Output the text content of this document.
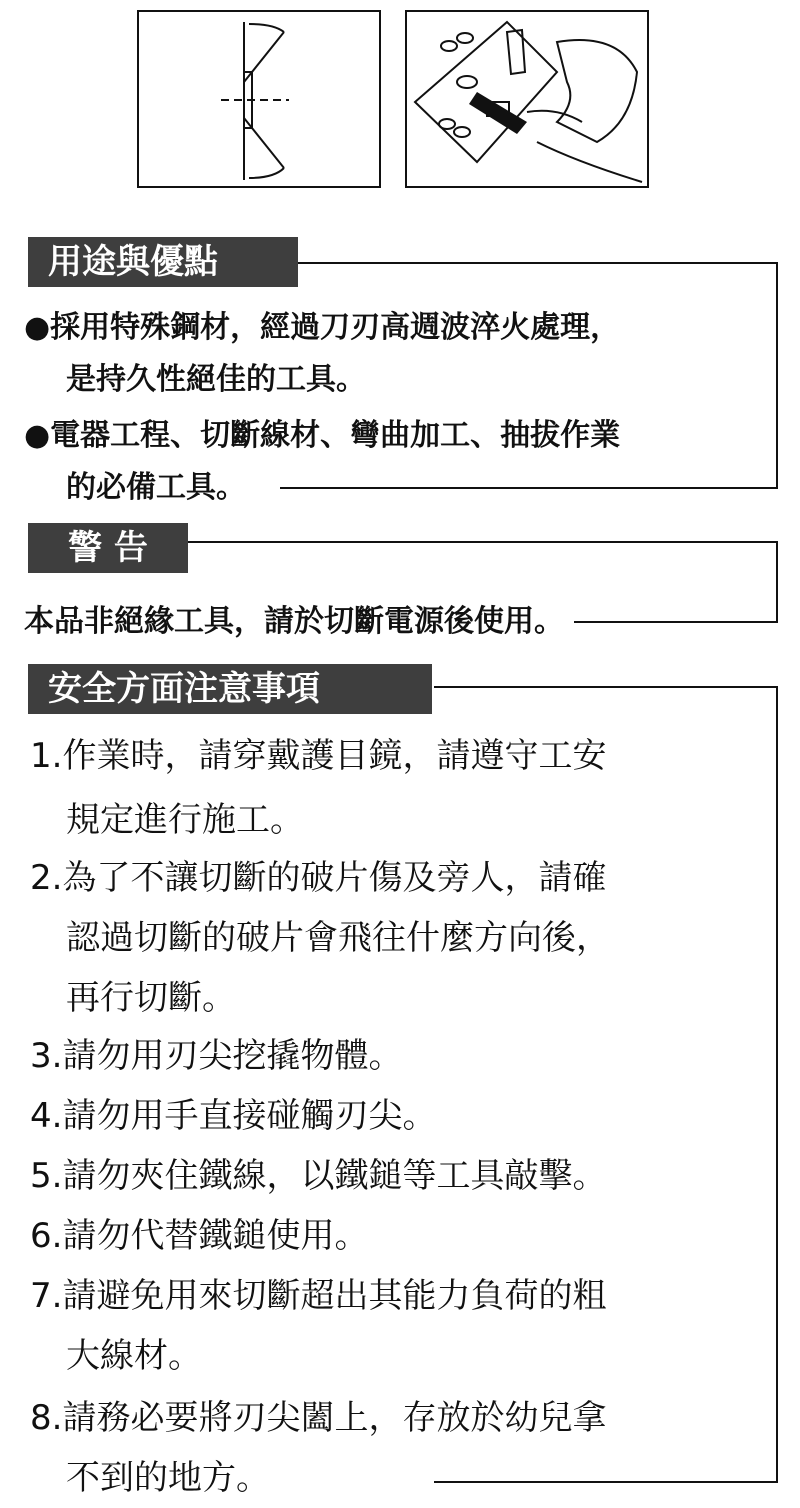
用途與優點
●採用特殊鋼材，經過刀刃高週波淬火處理，
是持久性絕佳的工具。
●電器工程、切斷線材、彎曲加工、抽拔作業
的必備工具。
警 告
本品非絕緣工具，請於切斷電源後使用。
安全方面注意事項
1.作業時，請穿戴護目鏡，請遵守工安
規定進行施工。
2.為了不讓切斷的破片傷及旁人，請確
認過切斷的破片會飛往什麼方向後，
再行切斷。
3.請勿用刃尖挖撬物體。
4.請勿用手直接碰觸刃尖。
5.請勿夾住鐵線，以鐵鎚等工具敲擊。
6.請勿代替鐵鎚使用。
7.請避免用來切斷超出其能力負荷的粗
大線材。
8.請務必要將刃尖闔上，存放於幼兒拿
不到的地方。
